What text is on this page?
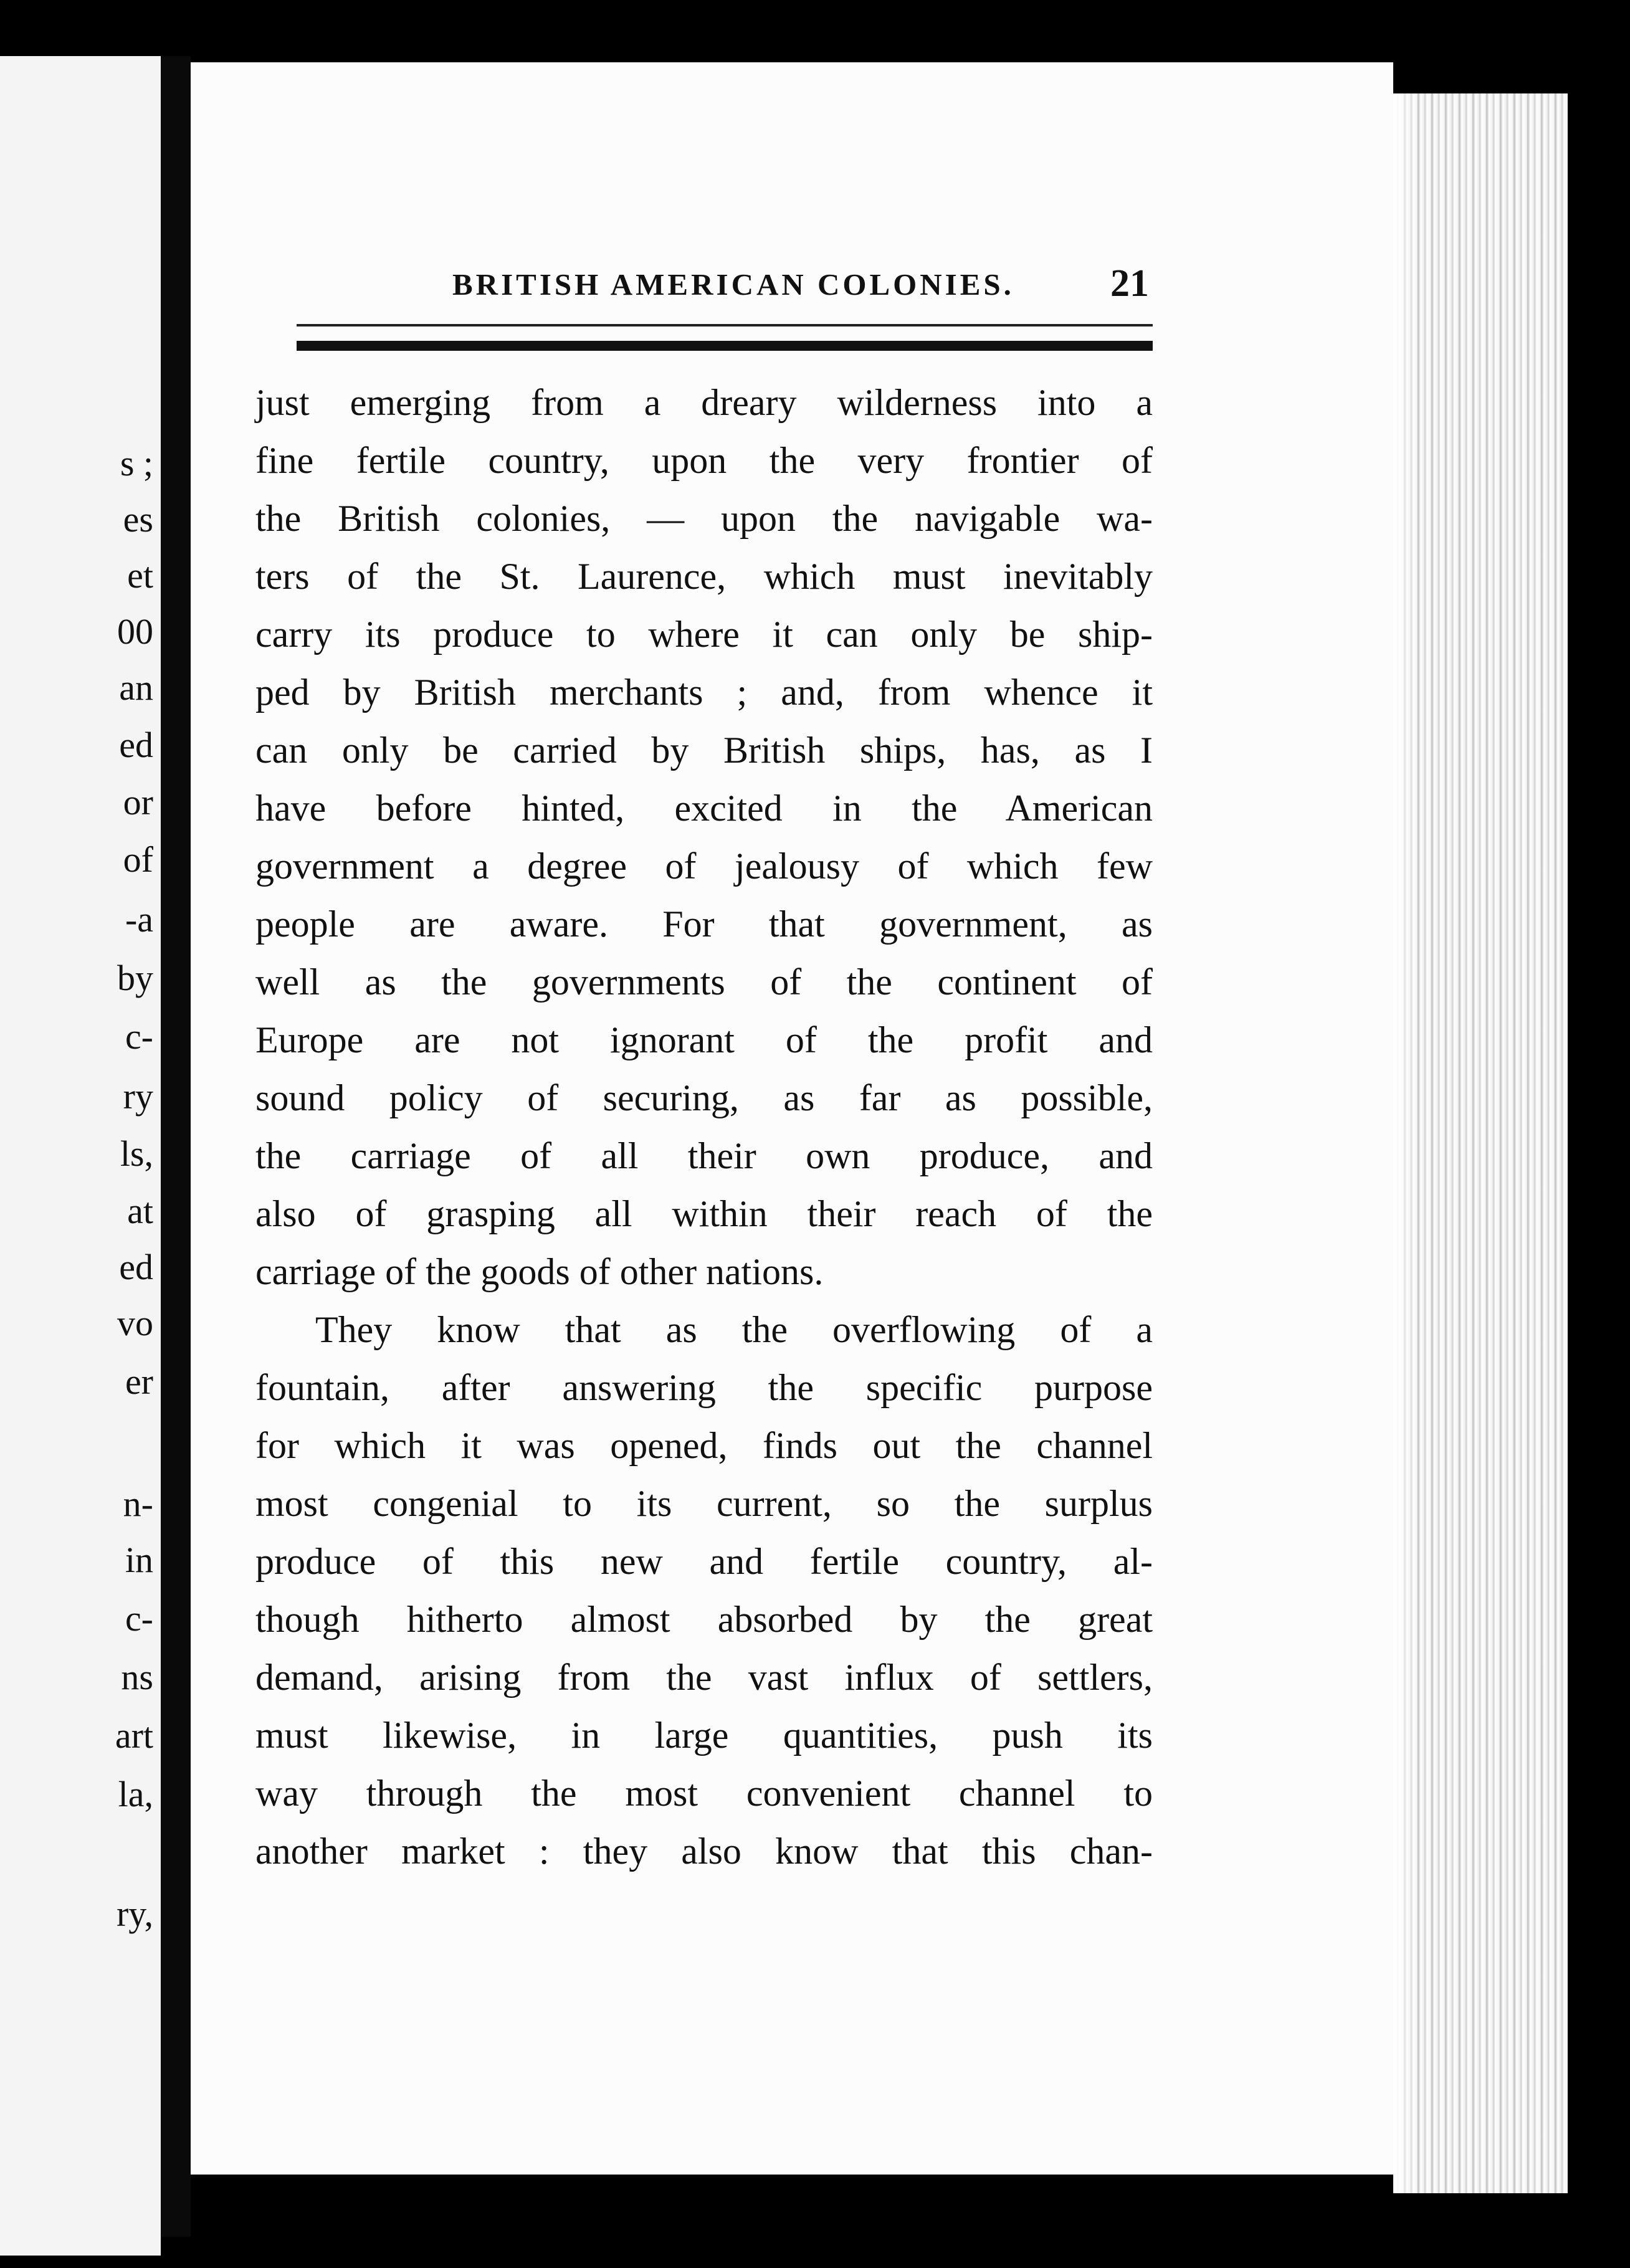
s ;
es
et
00
an
ed
or
of
-a
by
c-
ry
ls,
at
ed
vo
er
n-
in
c-
ns
art
la,
ry,
BRITISH AMERICAN COLONIES. 21
just emerging from a dreary wilderness into a
fine fertile country, upon the very frontier of
the British colonies, — upon the navigable wa-
ters of the St. Laurence, which must inevitably
carry its produce to where it can only be ship-
ped by British merchants ; and, from whence it
can only be carried by British ships, has, as I
have before hinted, excited in the American
government a degree of jealousy of which few
people are aware. For that government, as
well as the governments of the continent of
Europe are not ignorant of the profit and
sound policy of securing, as far as possible,
the carriage of all their own produce, and
also of grasping all within their reach of the
carriage of the goods of other nations.
They know that as the overflowing of a
fountain, after answering the specific purpose
for which it was opened, finds out the channel
most congenial to its current, so the surplus
produce of this new and fertile country, al-
though hitherto almost absorbed by the great
demand, arising from the vast influx of settlers,
must likewise, in large quantities, push its
way through the most convenient channel to
another market : they also know that this chan-
